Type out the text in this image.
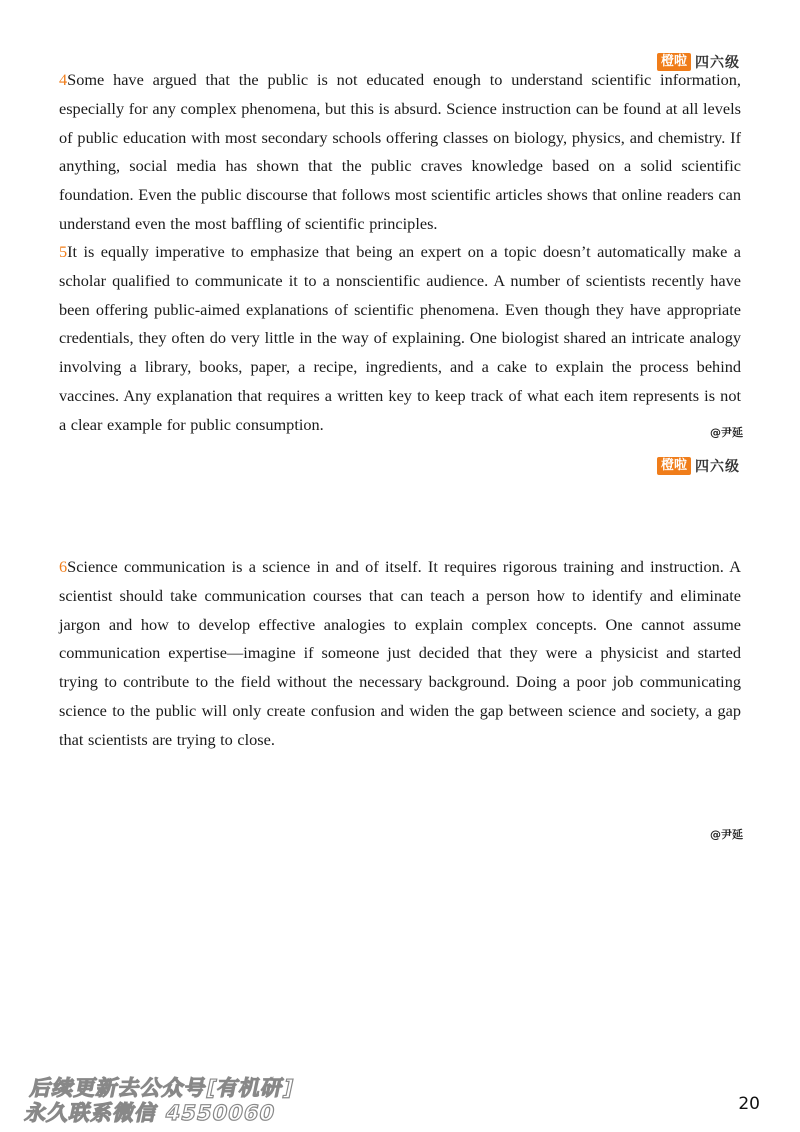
橙啦 四六级

4Some have argued that the public is not educated enough to understand scientific information, especially for any complex phenomena, but this is absurd. Science instruction can be found at all levels of public education with most secondary schools offering classes on biology, physics, and chemistry. If anything, social media has shown that the public craves knowledge based on a solid scientific foundation. Even the public discourse that follows most scientific articles shows that online readers can understand even the most baffling of scientific principles.

5It is equally imperative to emphasize that being an expert on a topic doesn’t automatically make a scholar qualified to communicate it to a nonscientific audience. A number of scientists recently have been offering public-aimed explanations of scientific phenomena. Even though they have appropriate credentials, they often do very little in the way of explaining. One biologist shared an intricate analogy involving a library, books, paper, a recipe, ingredients, and a cake to explain the process behind vaccines. Any explanation that requires a written key to keep track of what each item represents is not a clear example for public consumption.	@尹延
橙啦 四六级

6Science communication is a science in and of itself. It requires rigorous training and instruction. A scientist should take communication courses that can teach a person how to identify and eliminate jargon and how to develop effective analogies to explain complex concepts. One cannot assume communication expertise—imagine if someone just decided that they were a physicist and started trying to contribute to the field without the necessary background. Doing a poor job communicating science to the public will only create confusion and widen the gap between science and society, a gap that scientists are trying to close.

@尹延
后续更新去公众号[有机研]
永久联系微信 4550060	20
